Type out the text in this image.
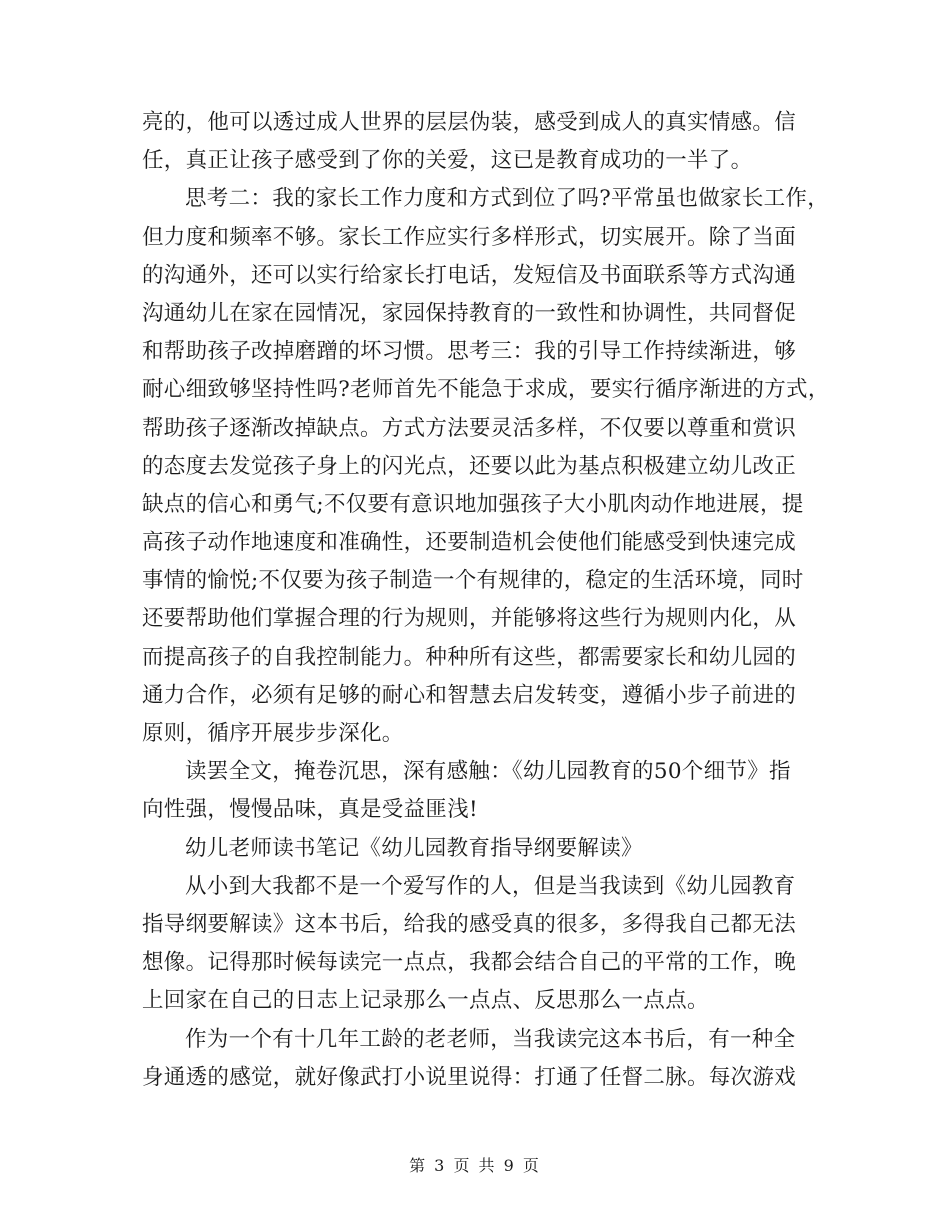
亮的，他可以透过成人世界的层层伪装，感受到成人的真实情感。信
任，真正让孩子感受到了你的关爱，这已是教育成功的一半了。
思考二：我的家长工作力度和方式到位了吗?平常虽也做家长工作，
但力度和频率不够。家长工作应实行多样形式，切实展开。除了当面
的沟通外，还可以实行给家长打电话，发短信及书面联系等方式沟通
沟通幼儿在家在园情况，家园保持教育的一致性和协调性，共同督促
和帮助孩子改掉磨蹭的坏习惯。思考三：我的引导工作持续渐进，够
耐心细致够坚持性吗?老师首先不能急于求成，要实行循序渐进的方式，
帮助孩子逐渐改掉缺点。方式方法要灵活多样，不仅要以尊重和赏识
的态度去发觉孩子身上的闪光点，还要以此为基点积极建立幼儿改正
缺点的信心和勇气;不仅要有意识地加强孩子大小肌肉动作地进展，提
高孩子动作地速度和准确性，还要制造机会使他们能感受到快速完成
事情的愉悦;不仅要为孩子制造一个有规律的，稳定的生活环境，同时
还要帮助他们掌握合理的行为规则，并能够将这些行为规则内化，从
而提高孩子的自我控制能力。种种所有这些，都需要家长和幼儿园的
通力合作，必须有足够的耐心和智慧去启发转变，遵循小步子前进的
原则，循序开展步步深化。
读罢全文，掩卷沉思，深有感触：《幼儿园教育的50个细节》指
向性强，慢慢品味，真是受益匪浅!
幼儿老师读书笔记《幼儿园教育指导纲要解读》
从小到大我都不是一个爱写作的人，但是当我读到《幼儿园教育
指导纲要解读》这本书后，给我的感受真的很多，多得我自己都无法
想像。记得那时候每读完一点点，我都会结合自己的平常的工作，晚
上回家在自己的日志上记录那么一点点、反思那么一点点。
作为一个有十几年工龄的老老师，当我读完这本书后，有一种全
身通透的感觉，就好像武打小说里说得：打通了任督二脉。每次游戏
第 3 页 共 9 页
